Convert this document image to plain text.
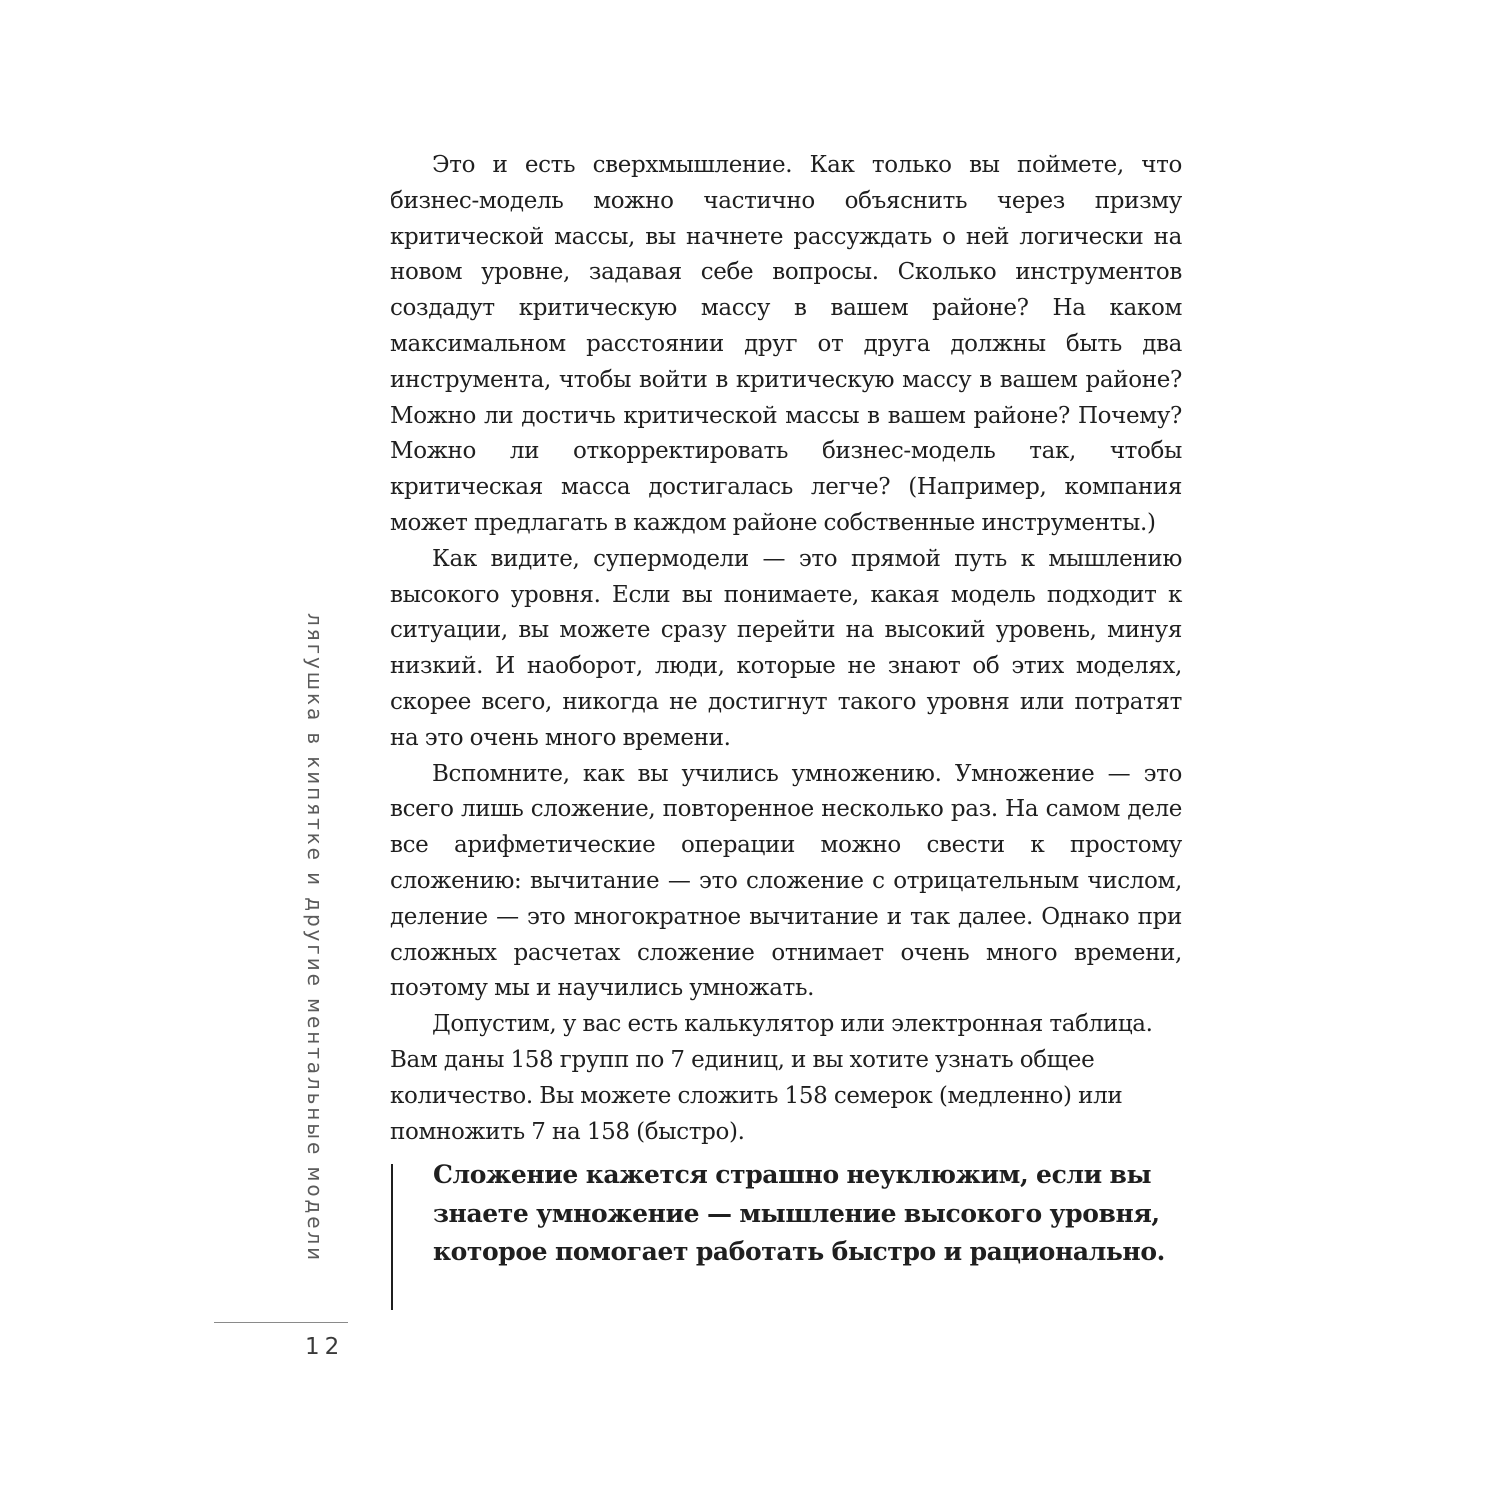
Это и есть сверхмышление. Как только вы поймете, что бизнес-модель можно частично объяснить через призму критической массы, вы начнете рассуждать о ней логически на новом уровне, задавая себе вопросы. Сколько инструментов создадут критическую массу в вашем районе? На каком максимальном расстоянии друг от друга должны быть два инструмента, чтобы войти в критическую массу в вашем районе? Можно ли достичь критической массы в вашем районе? Почему? Можно ли откорректировать бизнес-модель так, чтобы критическая масса достигалась легче? (Например, компания может предлагать в каждом районе собственные инструменты.)

Как видите, супермодели — это прямой путь к мышлению высокого уровня. Если вы понимаете, какая модель подходит к ситуации, вы можете сразу перейти на высокий уровень, минуя низкий. И наоборот, люди, которые не знают об этих моделях, скорее всего, никогда не достигнут такого уровня или потратят на это очень много времени.

Вспомните, как вы учились умножению. Умножение — это всего лишь сложение, повторенное несколько раз. На самом деле все арифметические операции можно свести к простому сложению: вычитание — это сложение с отрицательным числом, деление — это многократное вычитание и так далее. Однако при сложных расчетах сложение отнимает очень много времени, поэтому мы и научились умножать.

Допустим, у вас есть калькулятор или электронная таблица. Вам даны 158 групп по 7 единиц, и вы хотите узнать общее количество. Вы можете сложить 158 семерок (медленно) или помножить 7 на 158 (быстро).

Сложение кажется страшно неуклюжим, если вы знаете умножение — мышление высокого уровня, которое помогает работать быстро и рационально.

лягушка в кипятке и другие ментальные модели
12
